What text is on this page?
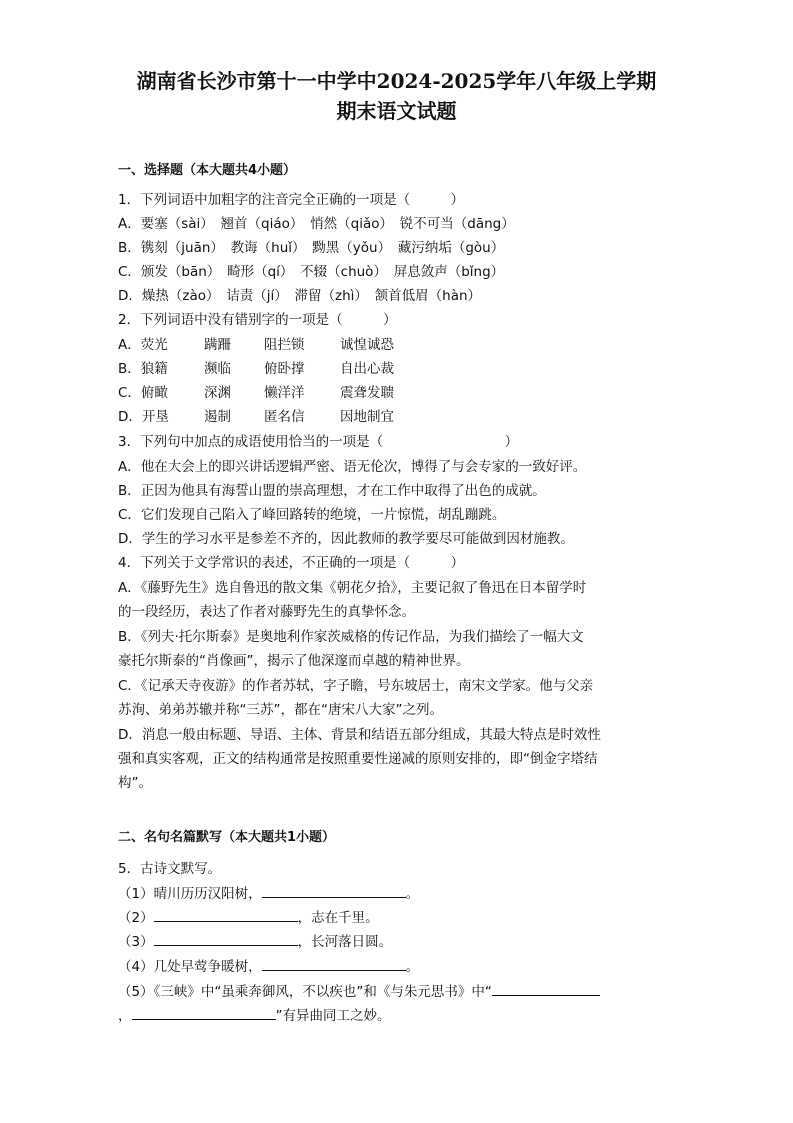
湖南省长沙市第十一中学中2024-2025学年八年级上学期
期末语文试题
一、选择题（本大题共4小题）
1．下列词语中加粗字的注音完全正确的一项是（　　　）
A．要塞（sài）　翘首（qiáo）　悄然（qiǎo）　锐不可当（dāng）
B．镌刻（juān）　教诲（huǐ）　黝黑（yǒu）　藏污纳垢（gòu）
C．颁发（bān）　畸形（qí）　不辍（chuò）　屏息敛声（bǐng）
D．燥热（zào）　诘责（jí）　滞留（zhì）　颔首低眉（hàn）
2．下列词语中没有错别字的一项是（　　　）
A．荧光	蹒跚 阻拦锁	诚惶诚恐
B．狼籍	濒临 俯卧撑	自出心裁
C．俯瞰	深渊 懒洋洋	震聋发聩
D．开垦	遏制 匿名信	因地制宜
3．下列句中加点的成语使用恰当的一项是（　　　　　　　　　）
A．他在大会上的即兴讲话逻辑严密、语无伦次，博得了与会专家的一致好评。
B．正因为他具有海誓山盟的崇高理想，才在工作中取得了出色的成就。
C．它们发现自己陷入了峰回路转的绝境，一片惊慌，胡乱蹦跳。
D．学生的学习水平是参差不齐的，因此教师的教学要尽可能做到因材施教。
4．下列关于文学常识的表述，不正确的一项是（　　　）
A．《藤野先生》选自鲁迅的散文集《朝花夕拾》，主要记叙了鲁迅在日本留学时
的一段经历，表达了作者对藤野先生的真挚怀念。
B．《列夫·托尔斯泰》是奥地利作家茨威格的传记作品，为我们描绘了一幅大文
豪托尔斯泰的“肖像画”，揭示了他深邃而卓越的精神世界。
C．《记承天寺夜游》的作者苏轼，字子瞻，号东坡居士，南宋文学家。他与父亲
苏洵、弟弟苏辙并称“三苏”，都在“唐宋八大家”之列。
D．消息一般由标题、导语、主体、背景和结语五部分组成，其最大特点是时效性
强和真实客观，正文的结构通常是按照重要性递减的原则安排的，即“倒金字塔结
构”。
二、名句名篇默写（本大题共1小题）
5．古诗文默写。
（1）晴川历历汉阳树，	。
（2）	，志在千里。
（3）	，长河落日圆。
（4）几处早莺争暖树，	。
（5）《三峡》中“虽乘奔御风，不以疾也”和《与朱元思书》中“
，	”有异曲同工之妙。
